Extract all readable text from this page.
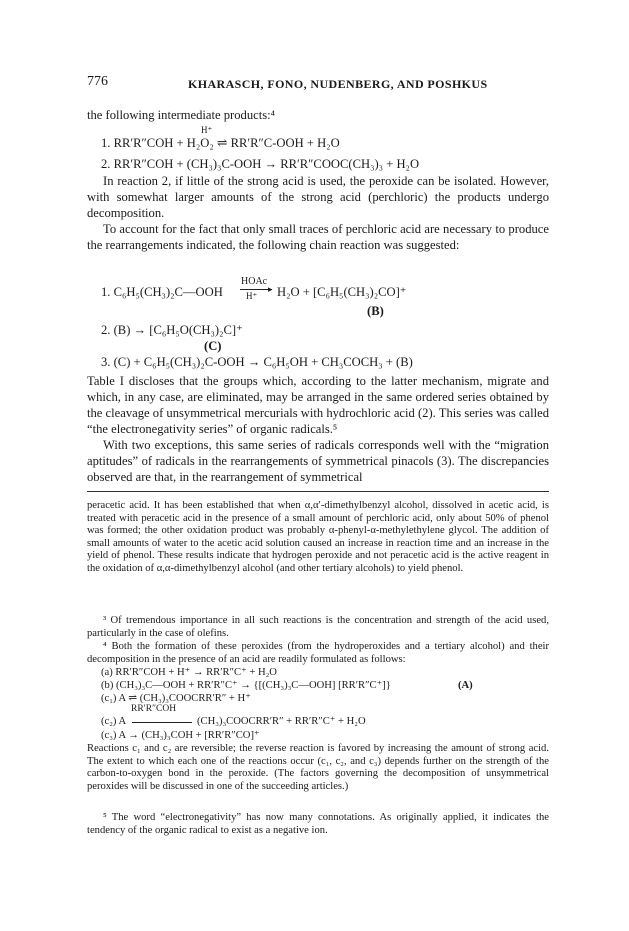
776	KHARASCH, FONO, NUDENBERG, AND POSHKUS
the following intermediate products:⁴
H⁺
1. RR′R″COH + H₂O₂ ⇌ RR′R″C-OOH + H₂O
2. RR′R″COH + (CH₃)₃C-OOH → RR′R″COOC(CH₃)₃ + H₂O
In reaction 2, if little of the strong acid is used, the peroxide can be isolated. However, with somewhat larger amounts of the strong acid (perchloric) the products undergo decomposition.
To account for the fact that only small traces of perchloric acid are necessary to produce the rearrangements indicated, the following chain reaction was suggested:
1. C₆H₅(CH₃)₂C—OOH
HOAc
▸
H⁺ H₂O + [C₆H₅(CH₃)₂CO]⁺
(B)
2. (B) → [C₆H₅O(CH₃)₂C]⁺
(C)
3. (C) + C₆H₅(CH₃)₂C-OOH → C₆H₅OH + CH₃COCH₃ + (B)
Table I discloses that the groups which, according to the latter mechanism, migrate and which, in any case, are eliminated, may be arranged in the same ordered series obtained by the cleavage of unsymmetrical mercurials with hydrochloric acid (2). This series was called “the electronegativity series” of organic radicals.⁵
With two exceptions, this same series of radicals corresponds well with the “migration aptitudes” of radicals in the rearrangements of symmetrical pinacols (3). The discrepancies observed are that, in the rearrangement of symmetrical
peracetic acid. It has been established that when α,α′-dimethylbenzyl alcohol, dissolved in acetic acid, is treated with peracetic acid in the presence of a small amount of perchloric acid, only about 50% of phenol was formed; the other oxidation product was probably α-phenyl-α-methylethylene glycol. The addition of small amounts of water to the acetic acid solution caused an increase in reaction time and an increase in the yield of phenol. These results indicate that hydrogen peroxide and not peracetic acid is the active reagent in the oxidation of α,α-dimethylbenzyl alcohol (and other tertiary alcohols) to yield phenol.
³ Of tremendous importance in all such reactions is the concentration and strength of the acid used, particularly in the case of olefins.
⁴ Both the formation of these peroxides (from the hydroperoxides and a tertiary alcohol) and their decomposition in the presence of an acid are readily formulated as follows:
(a) RR′R″COH + H⁺ → RR′R″C⁺ + H₂O
(b) (CH₃)₃C—OOH + RR′R″C⁺ → {[(CH₃)₃C—OOH] [RR′R″C⁺]}	(A)
(c₁) A ⇌ (CH₃)₃COOCRR′R″ + H⁺
RR′R″COH
(c₂) A	(CH₃)₃COOCRR′R″ + RR′R″C⁺ + H₂O
(c₃) A → (CH₃)₃COH + [RR′R″CO]⁺
Reactions c₁ and c₂ are reversible; the reverse reaction is favored by increasing the amount of strong acid. The extent to which each one of the reactions occur (c₁, c₂, and c₃) depends further on the strength of the carbon-to-oxygen bond in the peroxide. (The factors governing the decomposition of unsymmetrical peroxides will be discussed in one of the succeeding articles.)
⁵ The word “electronegativity” has now many connotations. As originally applied, it indicates the tendency of the organic radical to exist as a negative ion.
